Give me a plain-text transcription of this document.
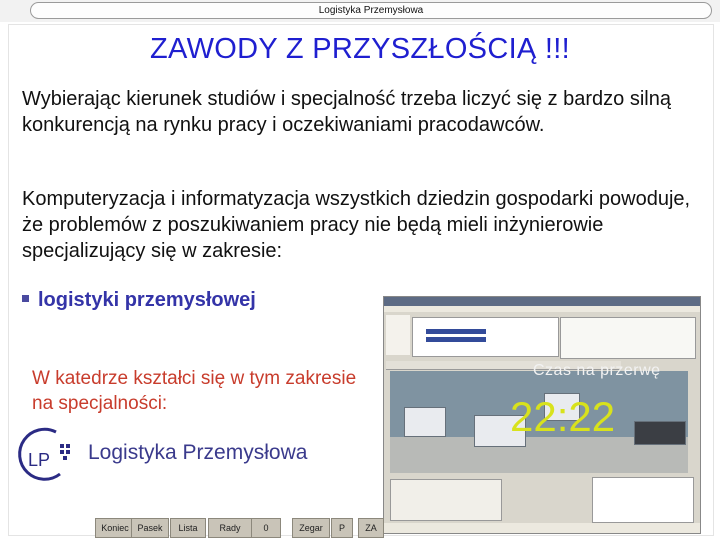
Logistyka Przemysłowa
ZAWODY Z PRZYSZŁOŚCIĄ !!!
Wybierając kierunek studiów i specjalność trzeba liczyć się z bardzo silną konkurencją na rynku pracy i oczekiwaniami pracodawców.
Komputeryzacja i informatyzacja wszystkich dziedzin gospodarki powoduje, że problemów z poszukiwaniem pracy nie będą mieli inżynierowie specjalizujący się w zakresie:
logistyki przemysłowej
W katedrze kształci się w tym zakresie na specjalności:
LP Logistyka Przemysłowa
Czas na przerwę
22:22
Koniec Pasek	Lista	Rady	0	Zegar	P	ZA
